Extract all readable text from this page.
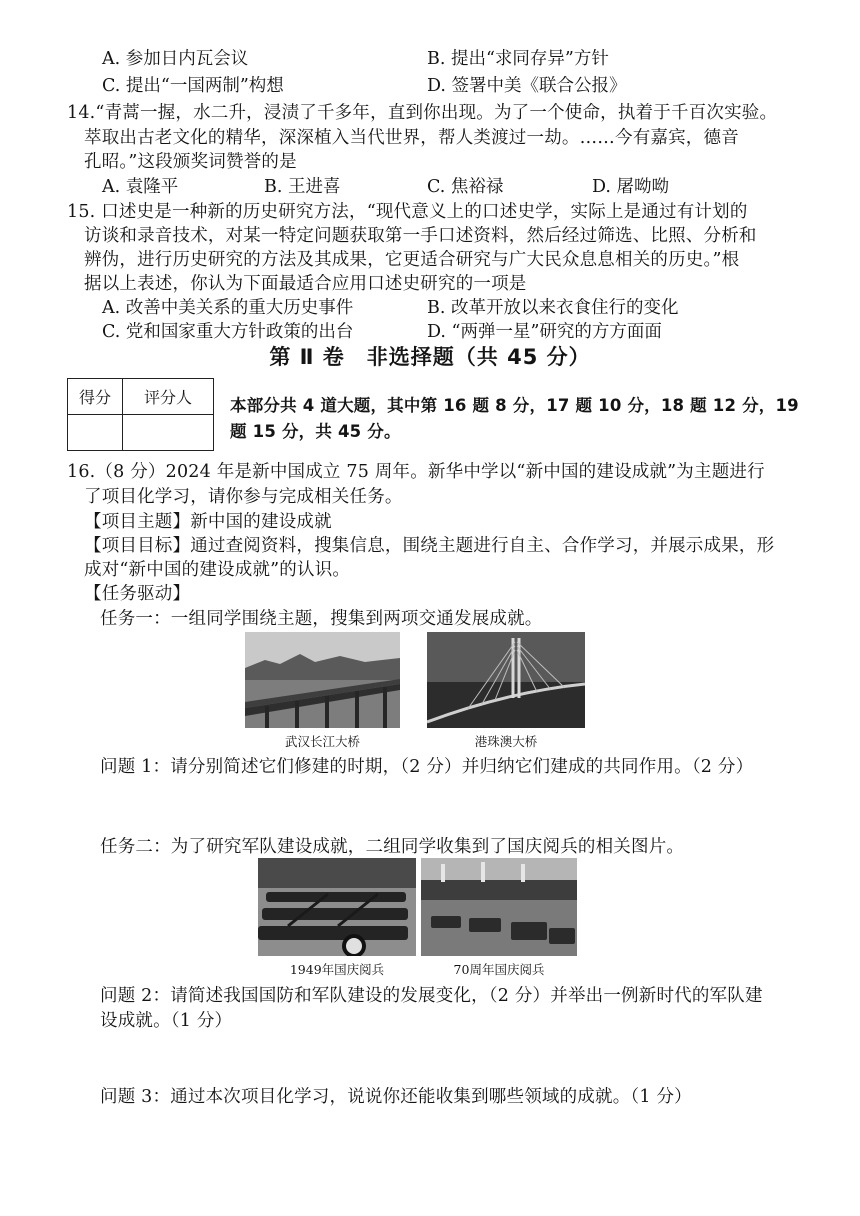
A. 参加日内瓦会议	B. 提出“求同存异”方针
C. 提出“一国两制”构想	D. 签署中美《联合公报》
14.“青蒿一握，水二升，浸渍了千多年，直到你出现。为了一个使命，执着于千百次实验。
萃取出古老文化的精华，深深植入当代世界，帮人类渡过一劫。……今有嘉宾，德音
孔昭。”这段颁奖词赞誉的是
A. 袁隆平	B. 王进喜	C. 焦裕禄	D. 屠呦呦
15. 口述史是一种新的历史研究方法，“现代意义上的口述史学，实际上是通过有计划的
访谈和录音技术，对某一特定问题获取第一手口述资料，然后经过筛选、比照、分析和
辨伪，进行历史研究的方法及其成果，它更适合研究与广大民众息息相关的历史。”根
据以上表述，你认为下面最适合应用口述史研究的一项是
A. 改善中美关系的重大历史事件	B. 改革开放以来衣食住行的变化
C. 党和国家重大方针政策的出台	D. “两弹一星”研究的方方面面
第 Ⅱ 卷　非选择题（共 45 分）
得分	评分人
	本部分共 4 道大题，其中第 16 题 8 分，17 题 10 分，18 题 12 分，19
题 15 分，共 45 分。
16.（8 分）2024 年是新中国成立 75 周年。新华中学以“新中国的建设成就”为主题进行
了项目化学习，请你参与完成相关任务。
【项目主题】新中国的建设成就
【项目目标】通过查阅资料，搜集信息，围绕主题进行自主、合作学习，并展示成果，形
成对“新中国的建设成就”的认识。
【任务驱动】
任务一：一组同学围绕主题，搜集到两项交通发展成就。
武汉长江大桥	港珠澳大桥
问题 1：请分别简述它们修建的时期，（2 分）并归纳它们建成的共同作用。（2 分）
任务二：为了研究军队建设成就，二组同学收集到了国庆阅兵的相关图片。
1949年国庆阅兵	70周年国庆阅兵
问题 2：请简述我国国防和军队建设的发展变化，（2 分）并举出一例新时代的军队建
设成就。（1 分）
问题 3：通过本次项目化学习，说说你还能收集到哪些领域的成就。（1 分）
